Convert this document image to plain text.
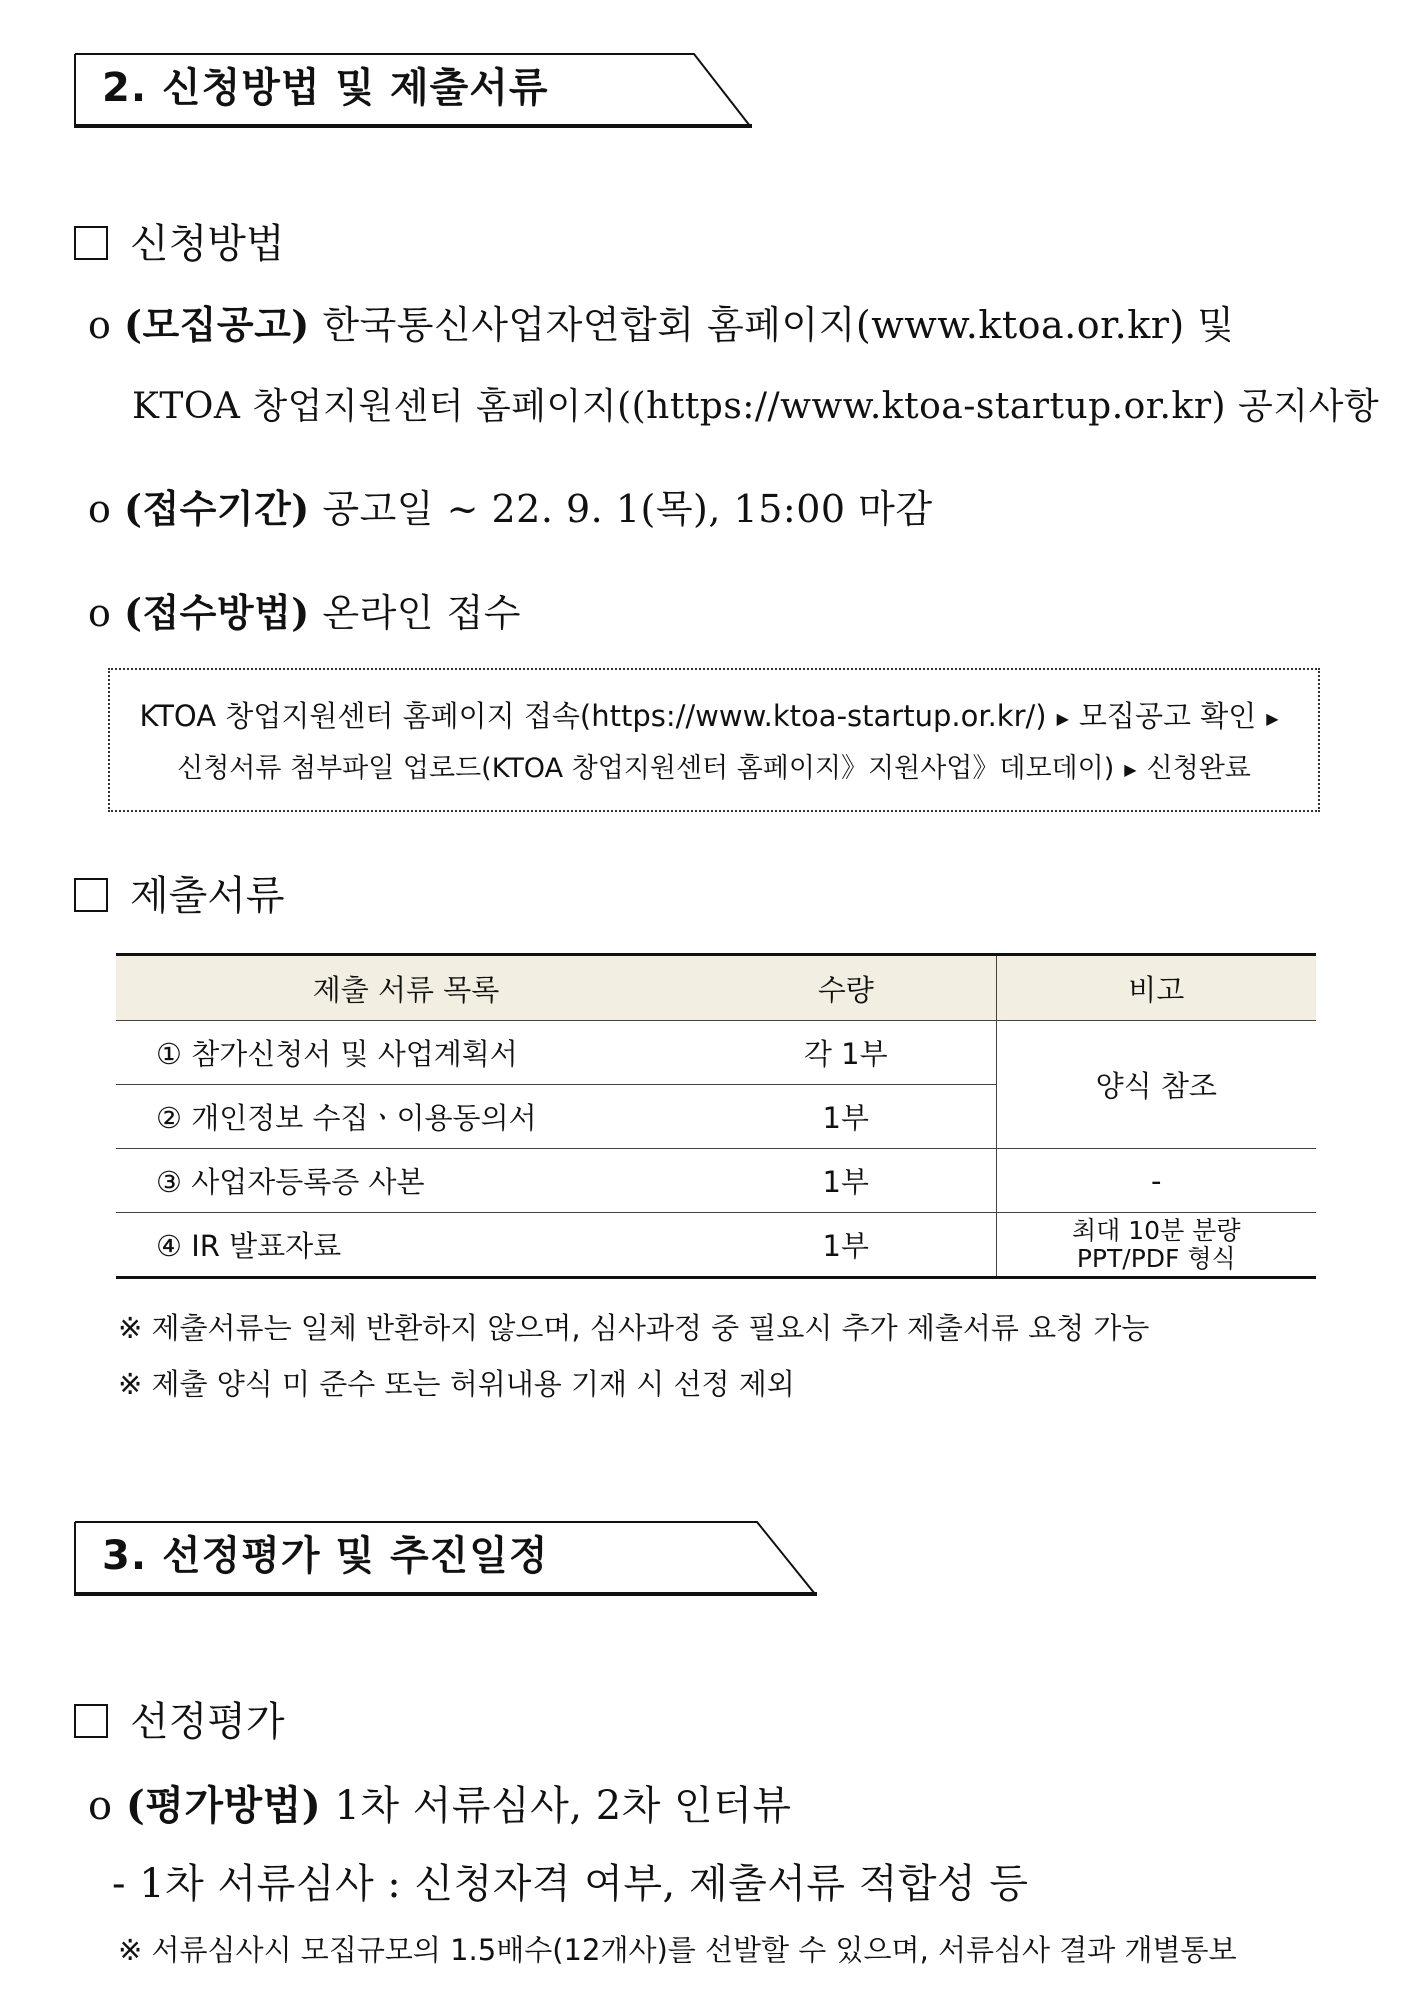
2. 신청방법 및 제출서류
신청방법
o (모집공고) 한국통신사업자연합회 홈페이지(www.ktoa.or.kr) 및
KTOA 창업지원센터 홈페이지((https://www.ktoa-startup.or.kr) 공지사항
o (접수기간) 공고일 ~ 22. 9. 1(목), 15:00 마감
o (접수방법) 온라인 접수
KTOA 창업지원센터 홈페이지 접속(https://www.ktoa-startup.or.kr/) ▶ 모집공고 확인 ▶
신청서류 첨부파일 업로드(KTOA 창업지원센터 홈페이지》지원사업》데모데이) ▶ 신청완료
제출서류
제출 서류 목록	수량	비고
① 참가신청서 및 사업계획서	각 1부	양식 참조
② 개인정보 수집ㆍ이용동의서	1부	
③ 사업자등록증 사본	1부	-
④ IR 발표자료	1부	최대 10분 분량
PPT/PDF 형식
※ 제출서류는 일체 반환하지 않으며, 심사과정 중 필요시 추가 제출서류 요청 가능
※ 제출 양식 미 준수 또는 허위내용 기재 시 선정 제외
3. 선정평가 및 추진일정
선정평가
o (평가방법) 1차 서류심사, 2차 인터뷰
- 1차 서류심사 : 신청자격 여부, 제출서류 적합성 등
※ 서류심사시 모집규모의 1.5배수(12개사)를 선발할 수 있으며, 서류심사 결과 개별통보
